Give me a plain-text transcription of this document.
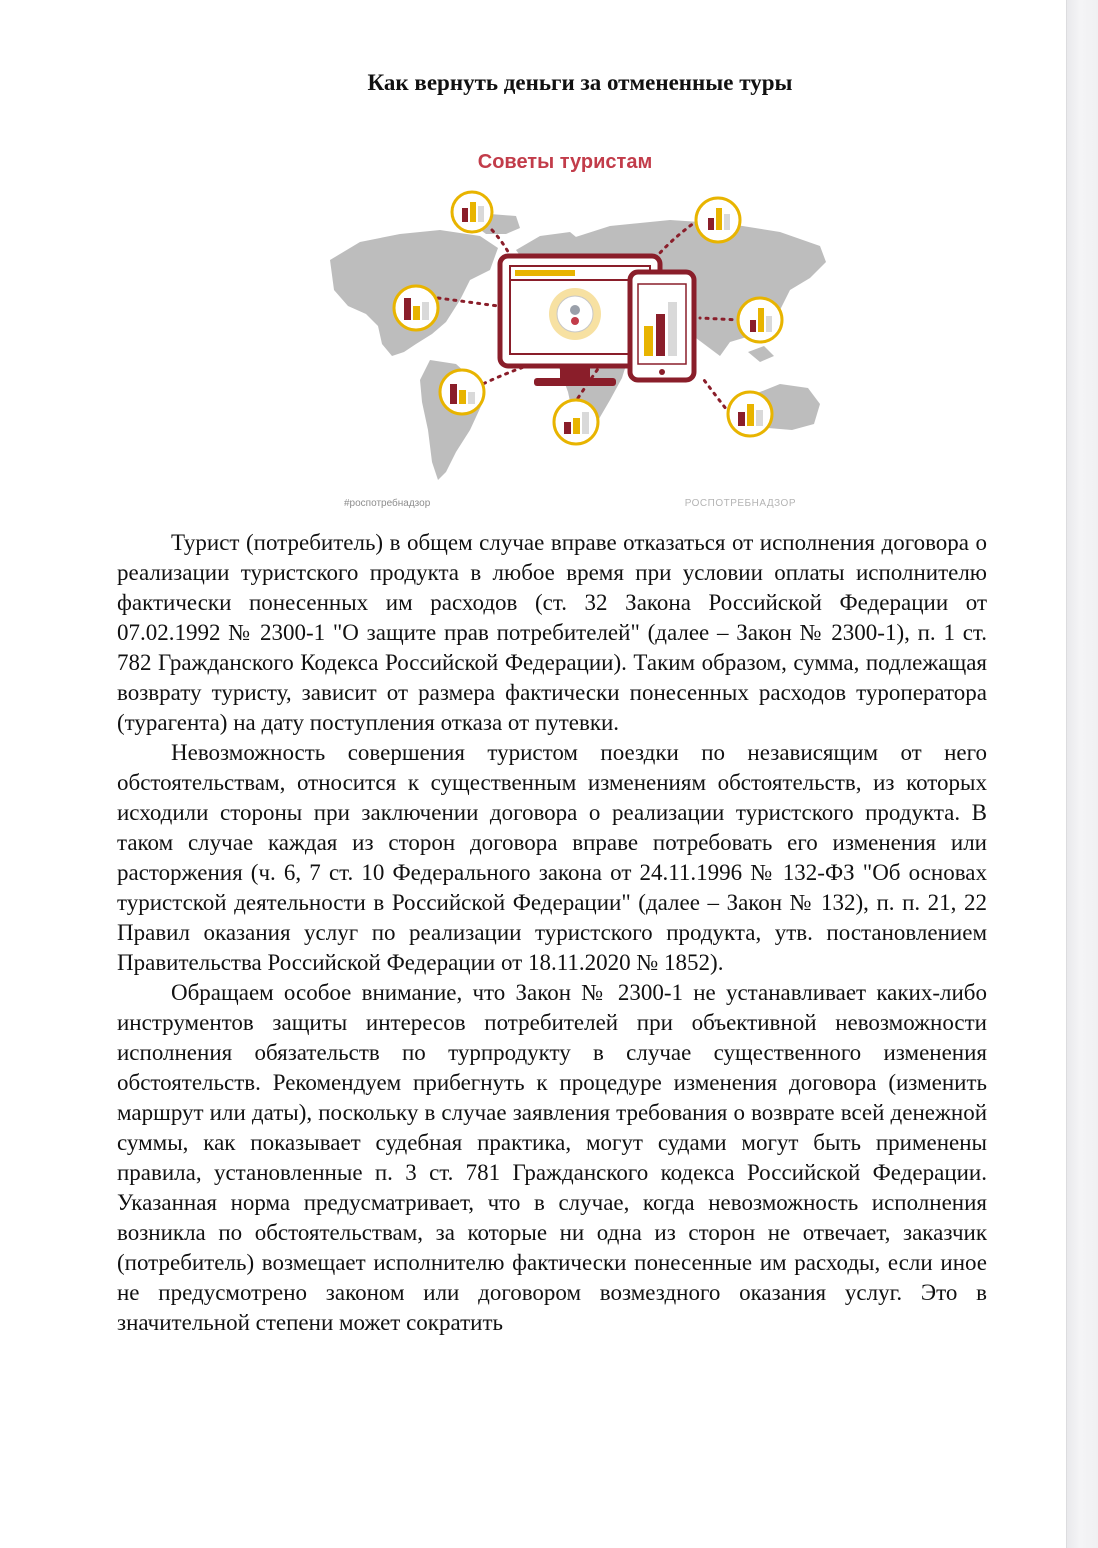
Как вернуть деньги за отмененные туры
Советы туристам
#роспотребнадзор	РОСПОТРЕБНАДЗОР

Турист (потребитель) в общем случае вправе отказаться от исполнения договора о реализации туристского продукта в любое время при условии оплаты исполнителю фактически понесенных им расходов (ст. 32 Закона Российской Федерации от 07.02.1992 № 2300-1 "О защите прав потребителей" (далее – Закон № 2300-1), п. 1 ст. 782 Гражданского Кодекса Российской Федерации). Таким образом, сумма, подлежащая возврату туристу, зависит от размера фактически понесенных расходов туроператора (турагента) на дату поступления отказа от путевки.

Невозможность совершения туристом поездки по независящим от него обстоятельствам, относится к существенным изменениям обстоятельств, из которых исходили стороны при заключении договора о реализации туристского продукта. В таком случае каждая из сторон договора вправе потребовать его изменения или расторжения (ч. 6, 7 ст. 10 Федерального закона от 24.11.1996 № 132-ФЗ "Об основах туристской деятельности в Российской Федерации" (далее – Закон № 132), п. п. 21, 22 Правил оказания услуг по реализации туристского продукта, утв. постановлением Правительства Российской Федерации от 18.11.2020 № 1852).

Обращаем особое внимание, что Закон № 2300-1 не устанавливает каких-либо инструментов защиты интересов потребителей при объективной невозможности исполнения обязательств по турпродукту в случае существенного изменения обстоятельств. Рекомендуем прибегнуть к процедуре изменения договора (изменить маршрут или даты), поскольку в случае заявления требования о возврате всей денежной суммы, как показывает судебная практика, могут судами могут быть применены правила, установленные п. 3 ст. 781 Гражданского кодекса Российской Федерации. Указанная норма предусматривает, что в случае, когда невозможность исполнения возникла по обстоятельствам, за которые ни одна из сторон не отвечает, заказчик (потребитель) возмещает исполнителю фактически понесенные им расходы, если иное не предусмотрено законом или договором возмездного оказания услуг. Это в значительной степени может сократить
